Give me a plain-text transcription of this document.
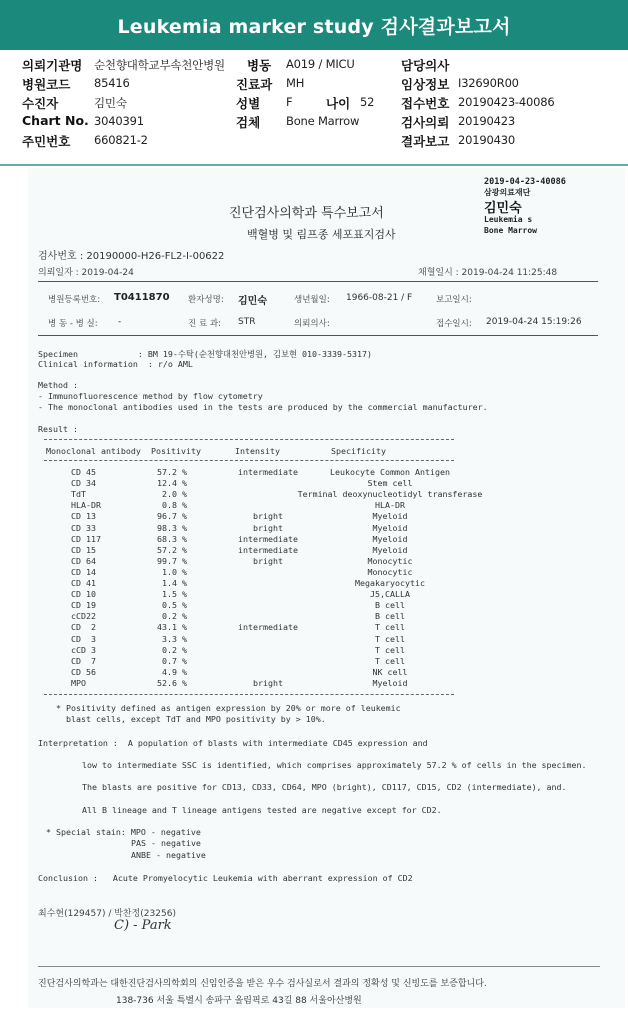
Leukemia marker study 검사결과보고서
의뢰기관명 순천향대학교부속천안병원 병동 A019 / MICU	담당의사
병원코드 85416	진료과 MH	임상정보 I32690R00
수진자	김민숙	성별 F	나이 52 접수번호 20190423-40086
Chart No. 3040391	검체 Bone Marrow	검사의뢰 20190423
주민번호 660821-2	결과보고 20190430
2019-04-23-40086
삼광의료재단
김민숙
Leukemia s
Bone Marrow
진단검사의학과 특수보고서
백혈병 및 림프종 세포표지검사
검사번호 : 20190000-H26-FL2-I-00622
의뢰일자 : 2019-04-24	채혈일시 : 2019-04-24 11:25:48
병원등록번호: T0411870 환자성명: 김민숙	생년월일: 1966-08-21 / F	보고일시:
병 동 - 병 실: -	진 료 과: STR	의뢰의사:	접수일시: 2019-04-24 15:19:26
Specimen            : BM 19-수탁(순천향대천안병원, 김보현 010-3339-5317)
Clinical information  : r/o AML
Method :
- Immunofluorescence method by flow cytometry
- The monoclonal antibodies used in the tests are produced by the commercial manufacturer.
Result :
Monoclonal antibody Positivity	Intensity	Specificity
CD 45	57.2 %	intermediate	Leukocyte Common Antigen
CD 34	12.4 %	Stem cell
TdT	2.0 %	Terminal deoxynucleotidyl transferase
HLA-DR	0.8 %	HLA-DR
CD 13	96.7 %	bright	Myeloid
CD 33	98.3 %	bright	Myeloid
CD 117	68.3 %	intermediate	Myeloid
CD 15	57.2 %	intermediate	Myeloid
CD 64	99.7 %	bright	Monocytic
CD 14	1.0 %	Monocytic
CD 41	1.4 %	Megakaryocytic
CD 10	1.5 %	J5,CALLA
CD 19	0.5 %	B cell
cCD22	0.2 %	B cell
CD  2	43.1 %	intermediate	T cell
CD  3	3.3 %	T cell
cCD 3	0.2 %	T cell
CD  7	0.7 %	T cell
CD 56	4.9 %	NK cell
MPO	52.6 %	bright	Myeloid
* Positivity defined as antigen expression by 20% or more of leukemic
blast cells, except TdT and MPO positivity by > 10%.
Interpretation :  A population of blasts with intermediate CD45 expression and
low to intermediate SSC is identified, which comprises approximately 57.2 % of cells in the specimen.
The blasts are positive for CD13, CD33, CD64, MPO (bright), CD117, CD15, CD2 (intermediate), and.
All B lineage and T lineage antigens tested are negative except for CD2.
* Special stain: MPO - negative
PAS - negative
ANBE - negative
Conclusion :   Acute Promyelocytic Leukemia with aberrant expression of CD2
최수현(129457) / 박찬정(23256)
C) - Park
진단검사의학과는 대한진단검사의학회의 신임인증을 받은 우수 검사실로서 결과의 정확성 및 신빙도를 보증합니다.
138-736 서울 특별시 송파구 올림픽로 43길 88 서울아산병원
